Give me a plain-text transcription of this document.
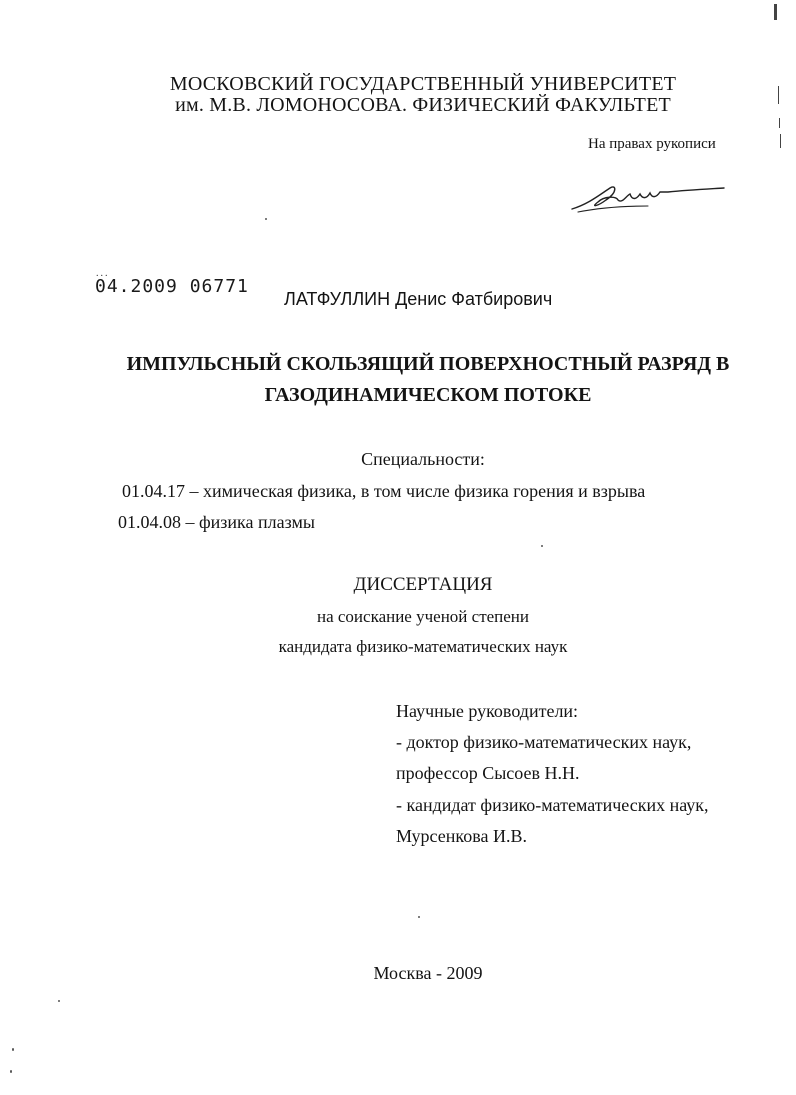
МОСКОВСКИЙ ГОСУДАРСТВЕННЫЙ УНИВЕРСИТЕТ
им. М.В. ЛОМОНОСОВА. ФИЗИЧЕСКИЙ ФАКУЛЬТЕТ
На правах рукописи
...
04.2009 06771
ЛАТФУЛЛИН Денис Фатбирович
ИМПУЛЬСНЫЙ СКОЛЬЗЯЩИЙ ПОВЕРХНОСТНЫЙ РАЗРЯД В
ГАЗОДИНАМИЧЕСКОМ ПОТОКЕ
Специальности:
01.04.17 – химическая физика, в том числе физика горения и взрыва
01.04.08 – физика плазмы
ДИССЕРТАЦИЯ
на соискание ученой степени
кандидата физико-математических наук
Научные руководители:
- доктор физико-математических наук,
профессор Сысоев Н.Н.
- кандидат физико-математических наук,
Мурсенкова И.В.
Москва - 2009
